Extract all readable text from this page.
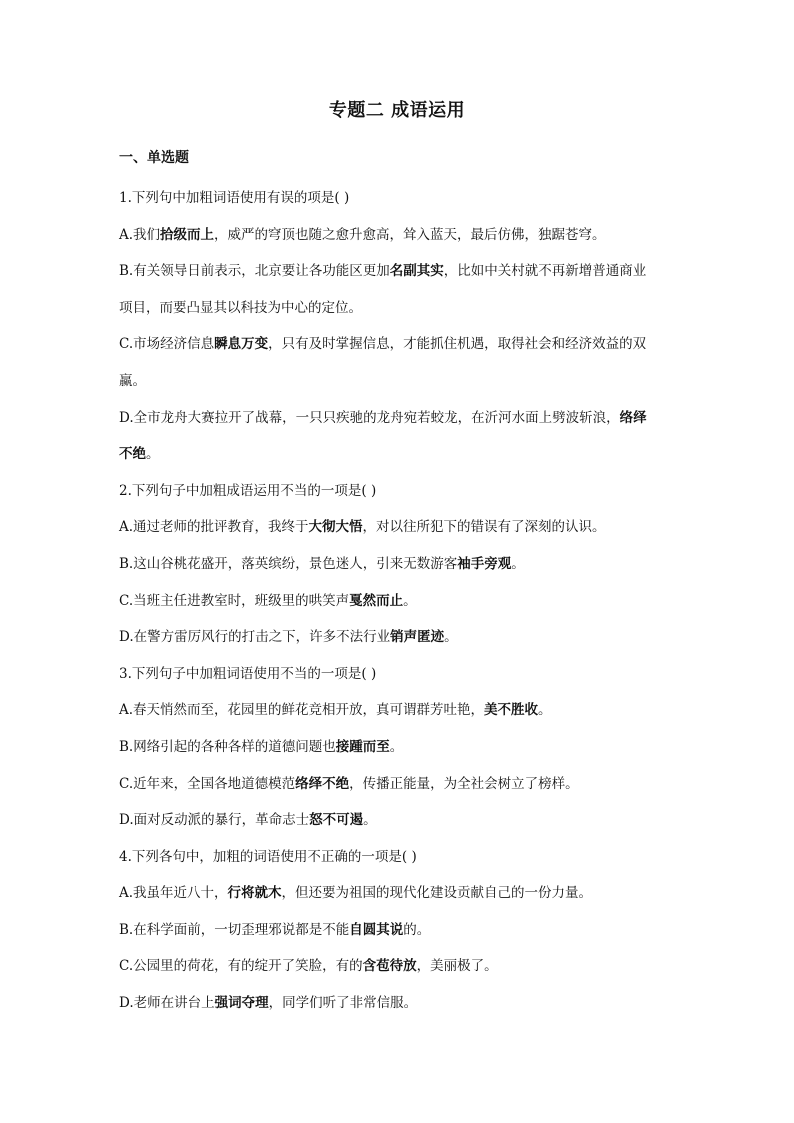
专题二 成语运用
一、单选题
1.下列句中加粗词语使用有误的项是( )
A.我们拾级而上，威严的穹顶也随之愈升愈高，耸入蓝天，最后仿佛，独踞苍穹。
B.有关领导日前表示，北京要让各功能区更加名副其实，比如中关村就不再新增普通商业
项目，而要凸显其以科技为中心的定位。
C.市场经济信息瞬息万变，只有及时掌握信息，才能抓住机遇，取得社会和经济效益的双
赢。
D.全市龙舟大赛拉开了战幕，一只只疾驰的龙舟宛若蛟龙，在沂河水面上劈波斩浪，络绎
不绝。
2.下列句子中加粗成语运用不当的一项是( )
A.通过老师的批评教育，我终于大彻大悟，对以往所犯下的错误有了深刻的认识。
B.这山谷桃花盛开，落英缤纷，景色迷人，引来无数游客袖手旁观。
C.当班主任进教室时，班级里的哄笑声戛然而止。
D.在警方雷厉风行的打击之下，许多不法行业销声匿迹。
3.下列句子中加粗词语使用不当的一项是( )
A.春天悄然而至，花园里的鲜花竞相开放，真可谓群芳吐艳，美不胜收。
B.网络引起的各种各样的道德问题也接踵而至。
C.近年来，全国各地道德模范络绎不绝，传播正能量，为全社会树立了榜样。
D.面对反动派的暴行，革命志士怒不可遏。
4.下列各句中，加粗的词语使用不正确的一项是( )
A.我虽年近八十，行将就木，但还要为祖国的现代化建设贡献自己的一份力量。
B.在科学面前，一切歪理邪说都是不能自圆其说的。
C.公园里的荷花，有的绽开了笑脸，有的含苞待放，美丽极了。
D.老师在讲台上强词夺理，同学们听了非常信服。
